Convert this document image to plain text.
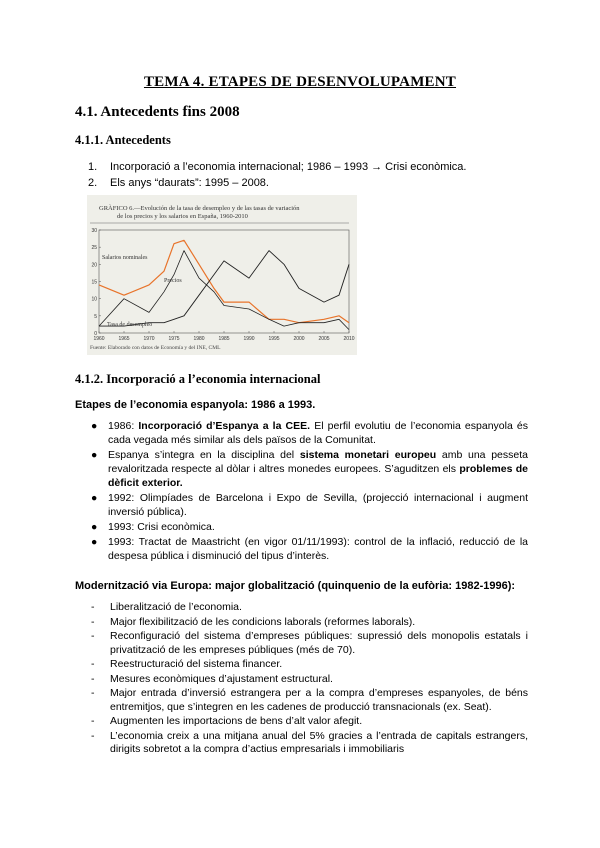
TEMA 4. ETAPES DE DESENVOLUPAMENT
4.1. Antecedents fins 2008
4.1.1. Antecedents
1. Incorporació a l’economia internacional; 1986 – 1993 → Crisi econòmica.
2. Els anys “daurats”: 1995 – 2008.
GRÀFICO 6.—Evolución de la tasa de desempleo y de las tasas de variación
de los precios y los salarios en España, 1960-2010
0
5
10
15
20
25
30
1960	1965	1970	1975	1980	1985	1990	1995	2000	2005	2010
Salarios nominales
Precios
Tasa de desempleo
Fuente: Elaborado con datos de Economía y del INE, CML
4.1.2. Incorporació a l’economia internacional
Etapes de l’economia espanyola: 1986 a 1993.
● 1986: Incorporació d’Espanya a la CEE. El perfil evolutiu de l’economia espanyola és cada vegada més similar als dels països de la Comunitat.
● Espanya s’integra en la disciplina del sistema monetari europeu amb una pesseta revaloritzada respecte al dòlar i altres monedes europees. S’aguditzen els problemes de dèficit exterior.
● 1992: Olimpíades de Barcelona i Expo de Sevilla, (projecció internacional i augment inversió pública).
● 1993: Crisi econòmica.
● 1993: Tractat de Maastricht (en vigor 01/11/1993): control de la inflació, reducció de la despesa pública i disminució del tipus d’interès.
Modernització via Europa: major globalització (quinquenio de la eufòria: 1982-1996):
- Liberalització de l’economia.
- Major flexibilització de les condicions laborals (reformes laborals).
- Reconfiguració del sistema d’empreses públiques: supressió dels monopolis estatals i privatització de les empreses públiques (més de 70).
- Reestructuració del sistema financer.
- Mesures econòmiques d’ajustament estructural.
- Major entrada d’inversió estrangera per a la compra d’empreses espanyoles, de béns entremitjos, que s’integren en les cadenes de producció transnacionals (ex. Seat).
- Augmenten les importacions de bens d’alt valor afegit.
- L’economia creix a una mitjana anual del 5% gracies a l’entrada de capitals estrangers, dirigits sobretot a la compra d’actius empresarials i immobiliaris
